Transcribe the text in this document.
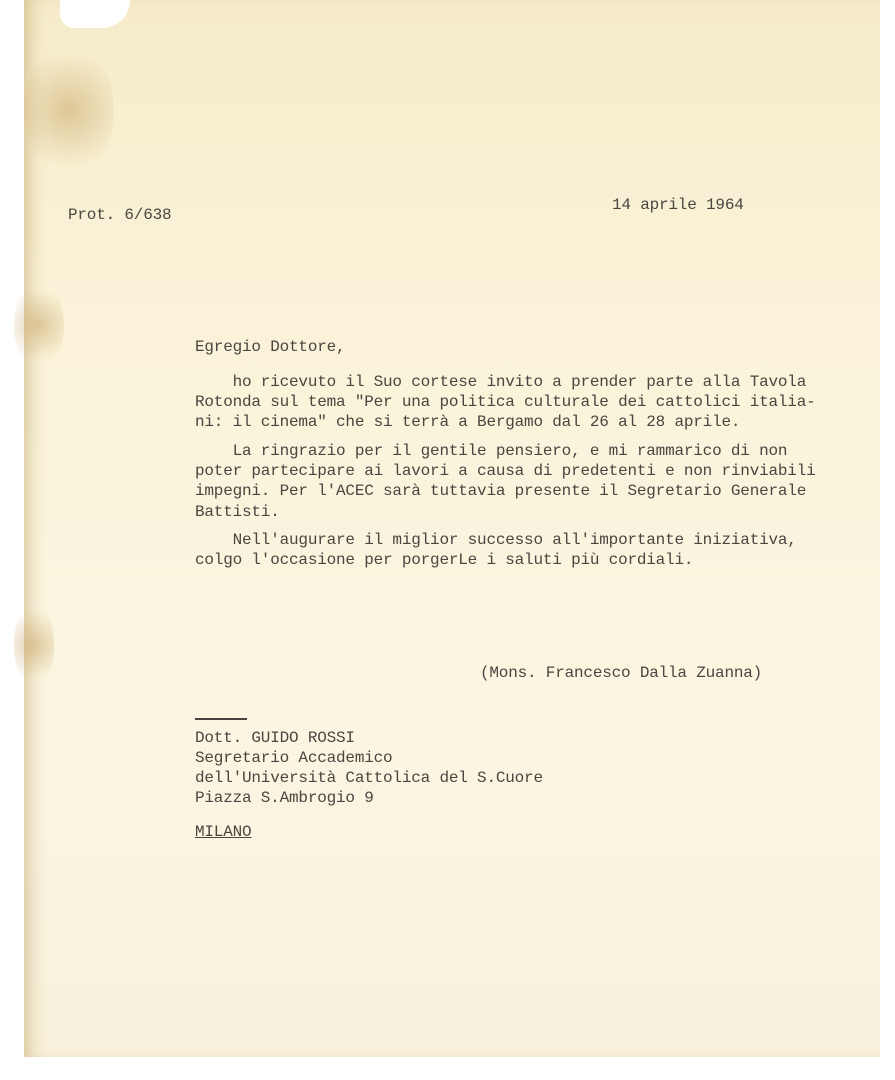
Prot. 6/638
14 aprile 1964
Egregio Dottore,
ho ricevuto il Suo cortese invito a prender parte alla Tavola
Rotonda sul tema "Per una politica culturale dei cattolici italia-
ni: il cinema" che si terrà a Bergamo dal 26 al 28 aprile.
La ringrazio per il gentile pensiero, e mi rammarico di non
poter partecipare ai lavori a causa di predetenti e non rinviabili
impegni. Per l'ACEC sarà tuttavia presente il Segretario Generale
Battisti.
Nell'augurare il miglior successo all'importante iniziativa,
colgo l'occasione per porgerLe i saluti più cordiali.
(Mons. Francesco Dalla Zuanna)
Dott. GUIDO ROSSI
Segretario Accademico
dell'Università Cattolica del S.Cuore
Piazza S.Ambrogio 9
MILANO
